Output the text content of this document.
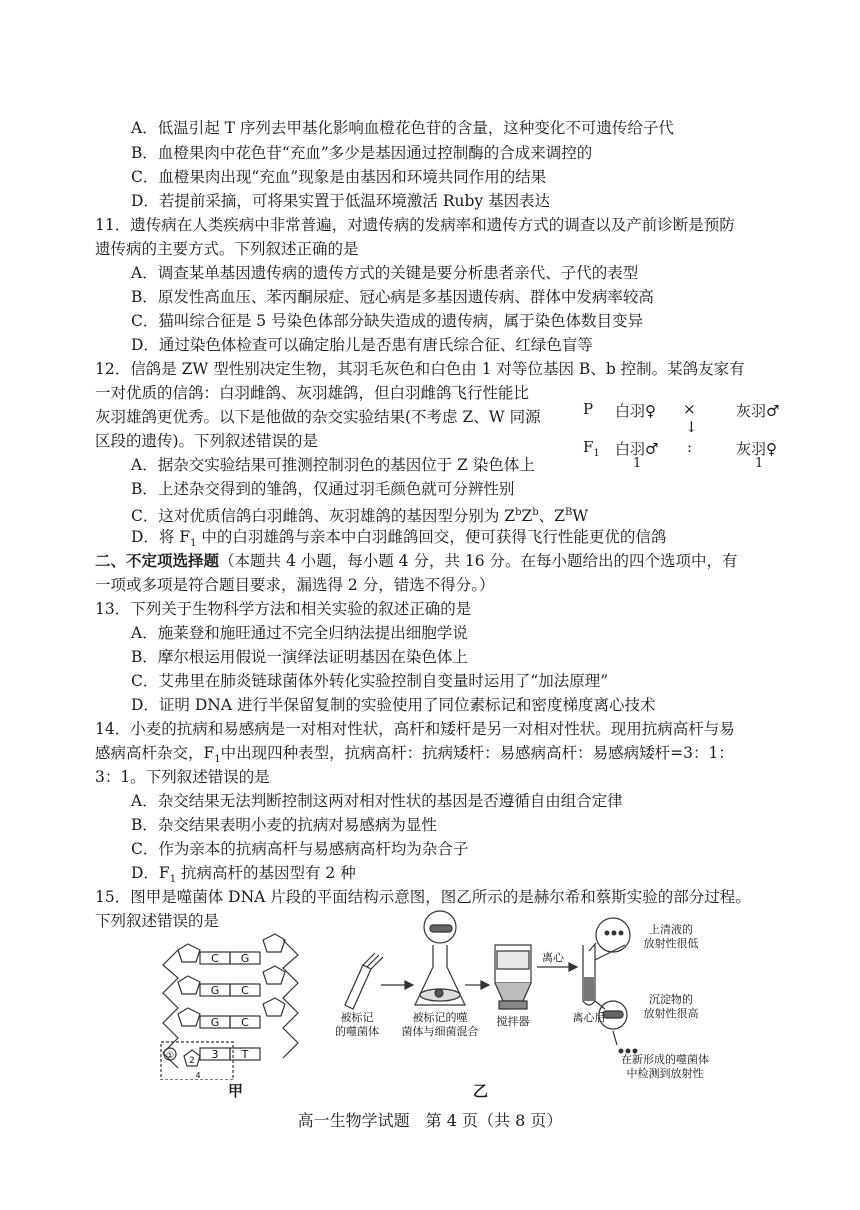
A．低温引起 T 序列去甲基化影响血橙花色苷的含量，这种变化不可遗传给子代
B．血橙果肉中花色苷“充血”多少是基因通过控制酶的合成来调控的
C．血橙果肉出现“充血”现象是由基因和环境共同作用的结果
D．若提前采摘，可将果实置于低温环境激活 Ruby 基因表达
11．遗传病在人类疾病中非常普遍，对遗传病的发病率和遗传方式的调查以及产前诊断是预防
遗传病的主要方式。下列叙述正确的是
A．调查某单基因遗传病的遗传方式的关键是要分析患者亲代、子代的表型
B．原发性高血压、苯丙酮尿症、冠心病是多基因遗传病、群体中发病率较高
C．猫叫综合征是 5 号染色体部分缺失造成的遗传病，属于染色体数目变异
D．通过染色体检查可以确定胎儿是否患有唐氏综合征、红绿色盲等
12．信鸽是 ZW 型性别决定生物，其羽毛灰色和白色由 1 对等位基因 B、b 控制。某鸽友家有
一对优质的信鸽：白羽雌鸽、灰羽雄鸽，但白羽雌鸽飞行性能比
灰羽雄鸽更优秀。以下是他做的杂交实验结果(不考虑 Z、W 同源
区段的遗传)。下列叙述错误的是
P 白羽♀ ×	灰羽♂
↓
$F_1$ 白羽♂ :	灰羽♀
1	1
A．据杂交实验结果可推测控制羽色的基因位于 Z 染色体上
B．上述杂交得到的雏鸽，仅通过羽毛颜色就可分辨性别
C．这对优质信鸽白羽雌鸽、灰羽雄鸽的基因型分别为 $Z^bZ^b$、$Z^BW$
D．将 $F_1$ 中的白羽雄鸽与亲本中白羽雌鸽回交，便可获得飞行性能更优的信鸽
二、不定项选择题（本题共 4 小题，每小题 4 分，共 16 分。在每小题给出的四个选项中，有
一项或多项是符合题目要求，漏选得 2 分，错选不得分。）
13．下列关于生物科学方法和相关实验的叙述正确的是
A．施莱登和施旺通过不完全归纳法提出细胞学说
B．摩尔根运用假说一演绎法证明基因在染色体上
C．艾弗里在肺炎链球菌体外转化实验控制自变量时运用了“加法原理”
D．证明 DNA 进行半保留复制的实验使用了同位素标记和密度梯度离心技术
14．小麦的抗病和易感病是一对相对性状，高杆和矮杆是另一对相对性状。现用抗病高杆与易
感病高杆杂交，$F_1$中出现四种表型，抗病高杆：抗病矮杆：易感病高杆：易感病矮杆=3：1：
3：1。下列叙述错误的是
A．杂交结果无法判断控制这两对相对性状的基因是否遵循自由组合定律
B．杂交结果表明小麦的抗病对易感病为显性
C．作为亲本的抗病高杆与易感病高杆均为杂合子
D．$F_1$ 抗病高杆的基因型有 2 种
15．图甲是噬菌体 DNA 片段的平面结构示意图，图乙所示的是赫尔希和蔡斯实验的部分过程。
C G
G C
G C
3 T
① 2
4
被标记
的噬菌体
被标记的噬
菌体与细菌混合
搅拌器
离心
离心后
上清液的
放射性很低
沉淀物的
放射性很高
在新形成的噬菌体
中检测到放射性
甲	乙
高一生物学试题　第 4 页（共 8 页）
下列叙述错误的是
